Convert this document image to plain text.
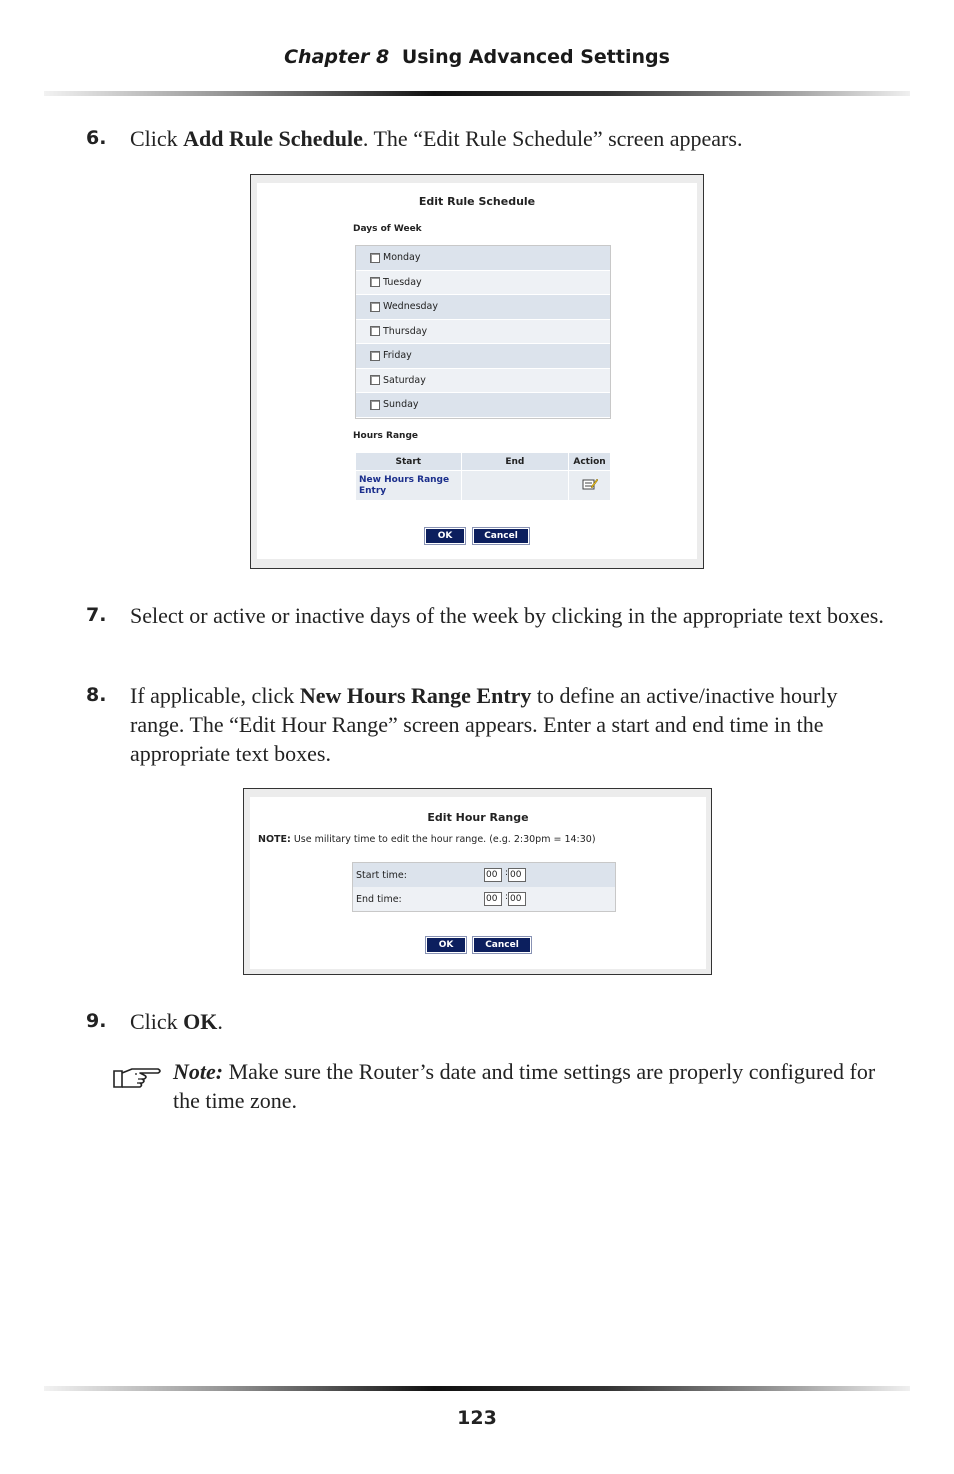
Chapter 8 Using Advanced Settings
6. Click Add Rule Schedule. The “Edit Rule Schedule” screen appears.
Edit Rule Schedule
Days of Week
Monday
Tuesday
Wednesday
Thursday
Friday
Saturday
Sunday
Hours Range
Start	End	Action
New Hours Range Entry		
OK	Cancel
7. Select or active or inactive days of the week by clicking in the appropriate text boxes.
8. If applicable, click New Hours Range Entry to define an active/inactive hourly range. The “Edit Hour Range” screen appears. Enter a start and end time in the appropriate text boxes.
Edit Hour Range
NOTE: Use military time to edit the hour range. (e.g. 2:30pm = 14:30)
Start time:	00 : 00
End time:	00 : 00
OK	Cancel
9. Click OK.
Note: Make sure the Router’s date and time settings are properly configured for the time zone.
123
